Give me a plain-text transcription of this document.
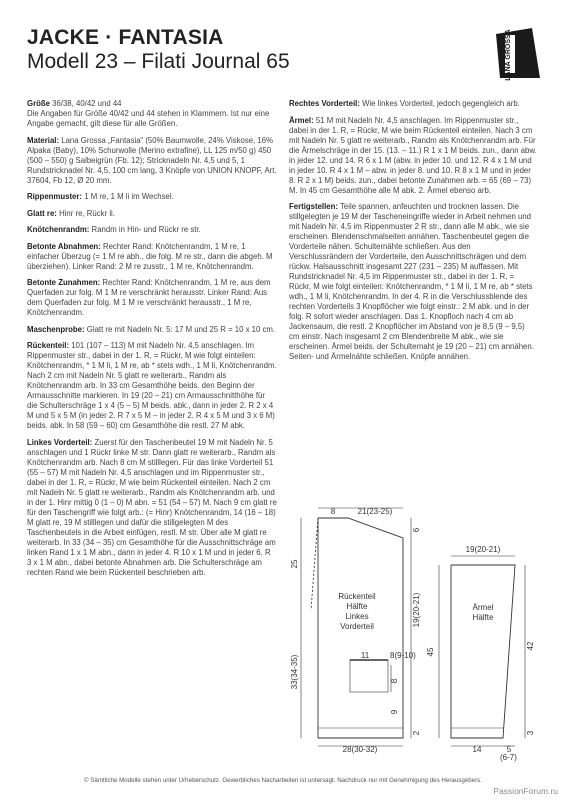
JACKE · FANTASIA
Modell 23 – Filati Journal 65	LANA GROSSA

Größe 36/38, 40/42 und 44
Die Angaben für Größe 40/42 und 44 stehen in Klammern. Ist nur eine Angabe gemacht, gilt diese für alle Größen.

Material: Lana Grossa „Fantasia“ (50% Baumwolle, 24% Viskose, 16% Alpaka (Baby), 10% Schurwolle (Merino extrafine), LL 125 m/50 g) 450 (500 – 550) g Salbeigrün (Fb. 12); Stricknadeln Nr. 4,5 und 5, 1 Rundstricknadel Nr. 4,5, 100 cm lang, 3 Knöpfe von UNION KNOPF, Art. 37604, Fb 12, Ø 20 mm.

Rippenmuster: 1 M re, 1 M li im Wechsel.

Glatt re: Hinr re, Rückr li.

Knötchenrandm: Randm in Hin- und Rückr re str.

Betonte Abnahmen: Rechter Rand: Knötchenrandm, 1 M re, 1 einfacher Überzug (= 1 M re abh., die folg. M re str., dann die abgeh. M überziehen). Linker Rand: 2 M re zusstr., 1 M re, Knötchenrandm.

Betonte Zunahmen: Rechter Rand: Knötchenrandm, 1 M re, aus dem Querfaden zur folg. M 1 M re verschränkt herausstr. Linker Rand: Aus dem Querfaden zur folg. M 1 M re verschränkt herausstr., 1 M re, Knötchenrandm.

Maschenprobe: Glatt re mit Nadeln Nr. 5: 17 M und 25 R = 10 x 10 cm.

Rückenteil: 101 (107 – 113) M mit Nadeln Nr. 4,5 anschlagen. Im Rippenmuster str., dabei in der 1. R, = Rückr, M wie folgt einteilen: Knötchenrandm, * 1 M li, 1 M re, ab * stets wdh., 1 M li, Knötchenrandm. Nach 2 cm mit Nadeln Nr. 5 glatt re weiterarb., Randm als Knötchenrandm arb. In 33 cm Gesamthöhe beids. den Beginn der Armausschnitte markieren. In 19 (20 – 21) cm Armausschnitthöhe für die Schulterschräge 1 x 4 (5 – 5) M beids. abk., dann in jeder 2. R 2 x 4 M und 5 x 5 M (in jeder 2. R 7 x 5 M – in jeder 2. R 4 x 5 M und 3 x 6 M) beids. abk. In 58 (59 – 60) cm Gesamthöhe die restl. 27 M abk.

Linkes Vorderteil: Zuerst für den Taschenbeutel 19 M mit Nadeln Nr. 5 anschlagen und 1 Rückr linke M str. Dann glatt re weiterarb., Randm als Knötchenrandm arb. Nach 8 cm M stilllegen. Für das linke Vorderteil 51 (55 – 57) M mit Nadeln Nr. 4,5 anschlagen und im Rippenmuster str., dabei in der 1. R, = Rückr, M wie beim Rückenteil einteilen. Nach 2 cm mit Nadeln Nr. 5 glatt re weiterarb., Randm als Knötchenrandm arb. und in der 1. Hinr mittig 0 (1 – 0) M abn. = 51 (54 – 57) M. Nach 9 cm glatt re für den Taschengriff wie folgt arb.: (= Hinr) Knötchenrandm, 14 (16 – 18) M glatt re, 19 M stilllegen und dafür die stillgelegten M des Taschenbeutels in die Arbeit einfügen, restl. M str. Über alle M glatt re weiterarb. In 33 (34 – 35) cm Gesamthöhe für die Ausschnittschräge am linken Rand 1 x 1 M abn., dann in jeder 4. R 10 x 1 M und in jeder 6. R 3 x 1 M abn., dabei betonte Abnahmen arb. Die Schulterschräge am rechten Rand wie beim Rückenteil beschrieben arb.

Rechtes Vorderteil: Wie linkes Vorderteil, jedoch gegengleich arb.

Ärmel: 51 M mit Nadeln Nr. 4,5 anschlagen. Im Rippenmuster str., dabei in der 1. R, = Rückr, M wie beim Rückenteil einteilen. Nach 3 cm mit Nadeln Nr. 5 glatt re weiterarb., Randm als Knötchenrandm arb. Für die Ärmelschräge in der 15. (13. – 11.) R 1 x 1 M beids. zun., dann abw. in jeder 12. und 14. R 6 x 1 M (abw. in jeder 10. und 12. R 4 x 1 M und in jeder 10. R 4 x 1 M – abw. in jeder 8. und 10. R 8 x 1 M und in jeder 8. R 2 x 1 M) beids. zun., dabei betonte Zunahmen arb. = 65 (69 – 73) M. In 45 cm Gesamthöhe alle M abk. 2. Ärmel ebenso arb.

Fertigstellen: Teile spannen, anfeuchten und trocknen lassen. Die stillgelegten je 19 M der Tascheneingriffe wieder in Arbeit nehmen und mit Nadeln Nr. 4,5 im Rippenmuster 2 R str., dann alle M abk., wie sie erscheinen. Blendenschmalseiten annähen. Taschenbeutel gegen die Vorderteile nähen. Schulternähte schließen. Aus den Verschlussrändern der Vorderteile, den Ausschnittschrägen und dem rückw. Halsausschnitt insgesamt 227 (231 – 235) M auffassen. Mit Rundstricknadel Nr. 4,5 im Rippenmuster str., dabei in der 1. R, = Rückr, M wie folgt einteilen: Knötchenrandm, * 1 M li, 1 M re, ab * stets wdh., 1 M li, Knötchenrandm. In der 4. R in die Verschlussblende des rechten Vorderteils 3 Knopflöcher wie folgt einstr.: 2 M abk. und in der folg. R sofort wieder anschlagen. Das 1. Knopfloch nach 4 cm ab Jackensaum, die restl. 2 Knopflöcher im Abstand von je 8,5 (9 – 9,5) cm einstr. Nach insgesamt 2 cm Blendenbreite M abk., wie sie erscheinen. Ärmel beids. der Schulternaht je 19 (20 – 21) cm annähen. Seiten- und Ärmelnähte schließen. Knöpfe annähen.

8	21(23-25)
6
19(20-21)
2
25
33(34-35)
28(30-32)
11	8(9-10)
8
9
Rückenteil
Hälfte
Linkes
Vorderteil
19(20-21)
45
42
3
14	5
Ärmel
Hälfte
(6-7)
© Sämtliche Modelle stehen unter Urheberschutz. Gewerbliches Nacharbeiten ist untersagt. Nachdruck nur mit Genehmigung des Herausgebers.
PassionForum.ru
